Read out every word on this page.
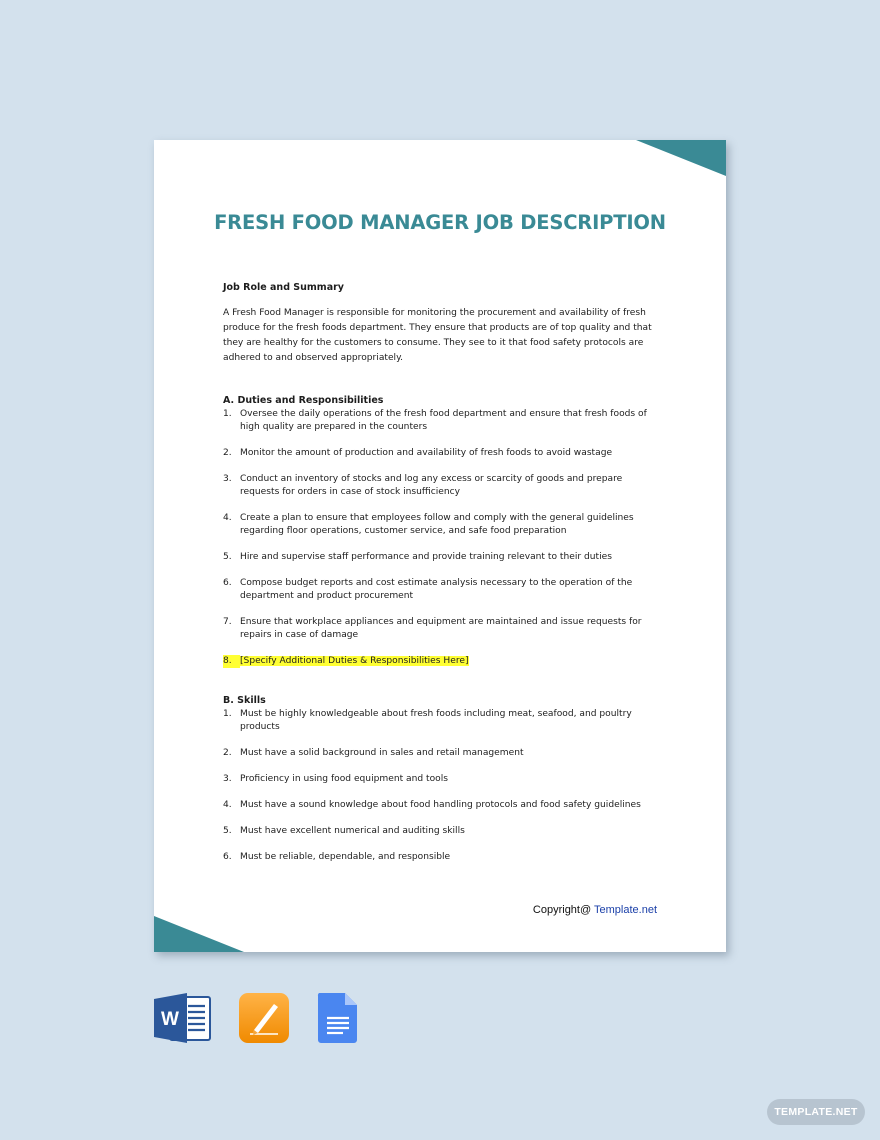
FRESH FOOD MANAGER JOB DESCRIPTION
Job Role and Summary
A Fresh Food Manager is responsible for monitoring the procurement and availability of fresh produce for the fresh foods department. They ensure that products are of top quality and that they are healthy for the customers to consume. They see to it that food safety protocols are adhered to and observed appropriately.
A. Duties and Responsibilities
1. Oversee the daily operations of the fresh food department and ensure that fresh foods of high quality are prepared in the counters
2. Monitor the amount of production and availability of fresh foods to avoid wastage
3. Conduct an inventory of stocks and log any excess or scarcity of goods and prepare requests for orders in case of stock insufficiency
4. Create a plan to ensure that employees follow and comply with the general guidelines regarding floor operations, customer service, and safe food preparation
5. Hire and supervise staff performance and provide training relevant to their duties
6. Compose budget reports and cost estimate analysis necessary to the operation of the department and product procurement
7. Ensure that workplace appliances and equipment are maintained and issue requests for repairs in case of damage
8. [Specify Additional Duties & Responsibilities Here]
B. Skills
1. Must be highly knowledgeable about fresh foods including meat, seafood, and poultry products
2. Must have a solid background in sales and retail management
3. Proficiency in using food equipment and tools
4. Must have a sound knowledge about food handling protocols and food safety guidelines
5. Must have excellent numerical and auditing skills
6. Must be reliable, dependable, and responsible
Copyright@ Template.net
W
TEMPLATE.NET
